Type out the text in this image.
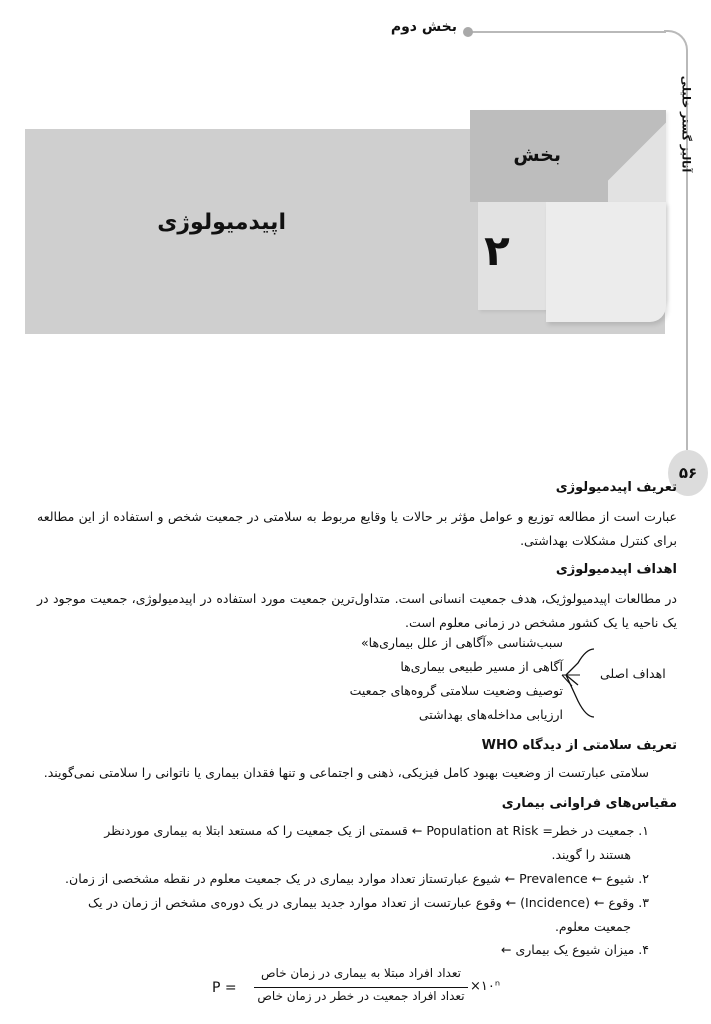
بخش دوم
آنالیز گستر خلیلی
۵۶
بخش
۲
اپیدمیولوژی
تعریف اپیدمیولوژی
عبارت است از مطالعه توزیع و عوامل مؤثر بر حالات یا وقایع مربوط به سلامتی در جمعیت شخص و استفاده از این مطالعه برای کنترل مشکلات بهداشتی.
اهداف اپیدمیولوژی
در مطالعات اپیدمیولوژیک، هدف جمعیت انسانی است. متداول‌ترین جمعیت مورد استفاده در اپیدمیولوژی، جمعیت موجود در یک ناحیه یا یک کشور مشخص در زمانی معلوم است.
اهداف اصلی
سبب‌شناسی «آگاهی از علل بیماری‌ها»
آگاهی از مسیر طبیعی بیماری‌ها
توصیف وضعیت سلامتی گروه‌های جمعیت
ارزیابی مداخله‌های بهداشتی
تعریف سلامتی از دیدگاه WHO
سلامتی عبارتست از وضعیت بهبود کامل فیزیکی، ذهنی و اجتماعی و تنها فقدان بیماری یا ناتوانی را سلامتی نمی‌گویند.
مقیاس‌های فراوانی بیماری
۱. جمعیت در خطر= Population at Risk ← قسمتی از یک جمعیت را که مستعد ابتلا به بیماری موردنظر
هستند را گویند.
۲. شیوع ← Prevalence ← شیوع عبارتستاز تعداد موارد بیماری در یک جمعیت معلوم در نقطه مشخصی از زمان.
۳. وقوع ← (Incidence) ← وقوع عبارتست از تعداد موارد جدید بیماری در یک دوره‌ی مشخص از زمان در یک
جمعیت معلوم.
۴. میزان شیوع یک بیماری ←
P =
تعداد افراد مبتلا به بیماری در زمان خاص
تعداد افراد جمعیت در خطر در زمان خاص
×۱۰ⁿ
